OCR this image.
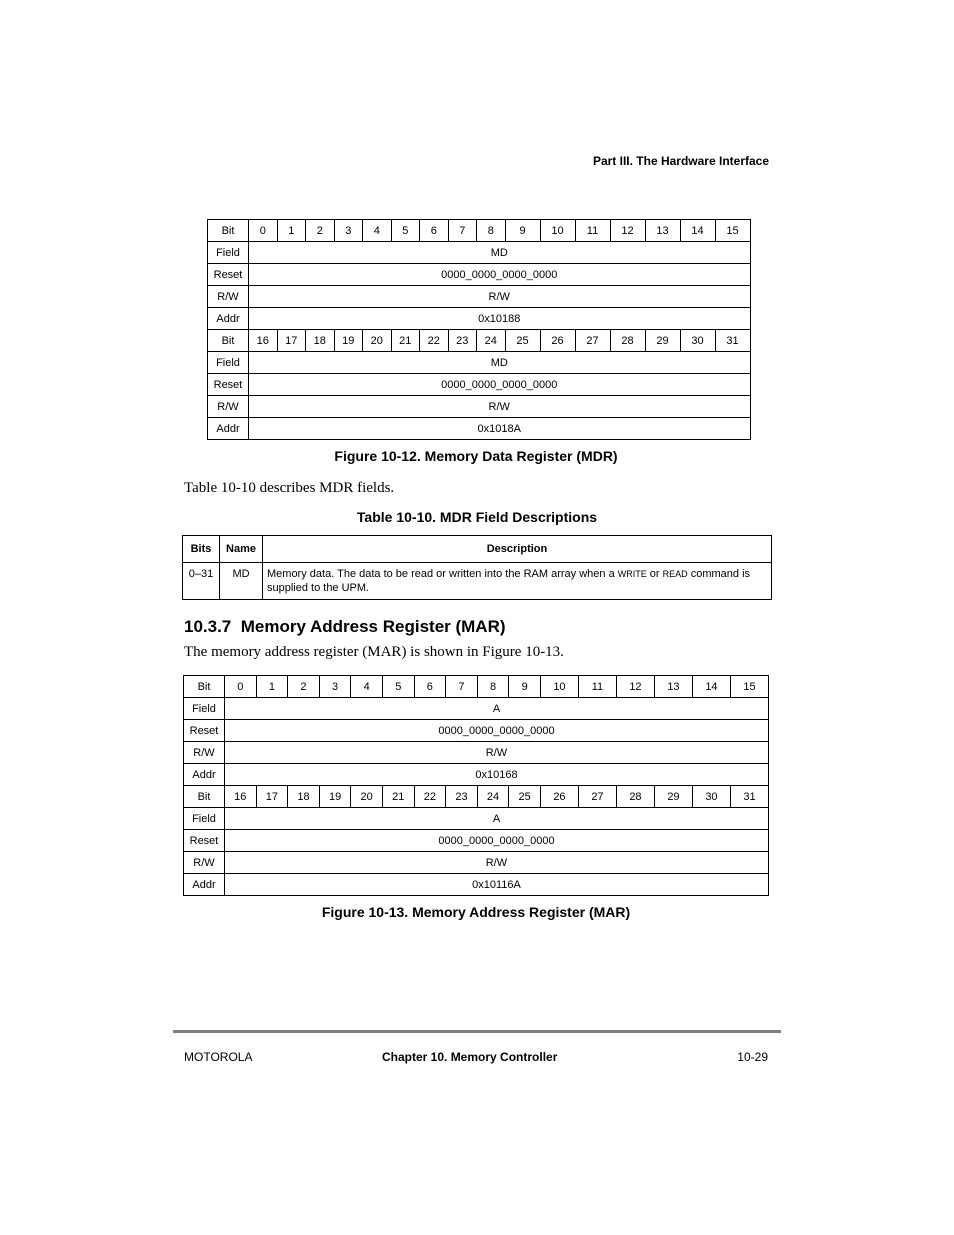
Part III. The Hardware Interface
Bit	0	1	2	3	4	5	6	7	8	9	10	11	12	13	14	15
Field	MD															
Reset	0000_0000_0000_0000															
R/W	R/W															
Addr	0x10188															
Bit	16	17	18	19	20	21	22	23	24	25	26	27	28	29	30	31
Field	MD															
Reset	0000_0000_0000_0000															
R/W	R/W															
Addr	0x1018A															
Figure 10-12. Memory Data Register (MDR)
Table 10-10 describes MDR fields.
Table 10-10. MDR Field Descriptions
Bits	Name	Description
0–31	MD	Memory data. The data to be read or written into the RAM array when a WRITE or READ command is supplied to the UPM.
10.3.7  Memory Address Register (MAR)
The memory address register (MAR) is shown in Figure 10-13.
Bit	0	1	2	3	4	5	6	7	8	9	10	11	12	13	14	15
Field	A															
Reset	0000_0000_0000_0000															
R/W	R/W															
Addr	0x10168															
Bit	16	17	18	19	20	21	22	23	24	25	26	27	28	29	30	31
Field	A															
Reset	0000_0000_0000_0000															
R/W	R/W															
Addr	0x10116A															
Figure 10-13. Memory Address Register (MAR)
MOTOROLA	Chapter 10. Memory Controller	10-29
